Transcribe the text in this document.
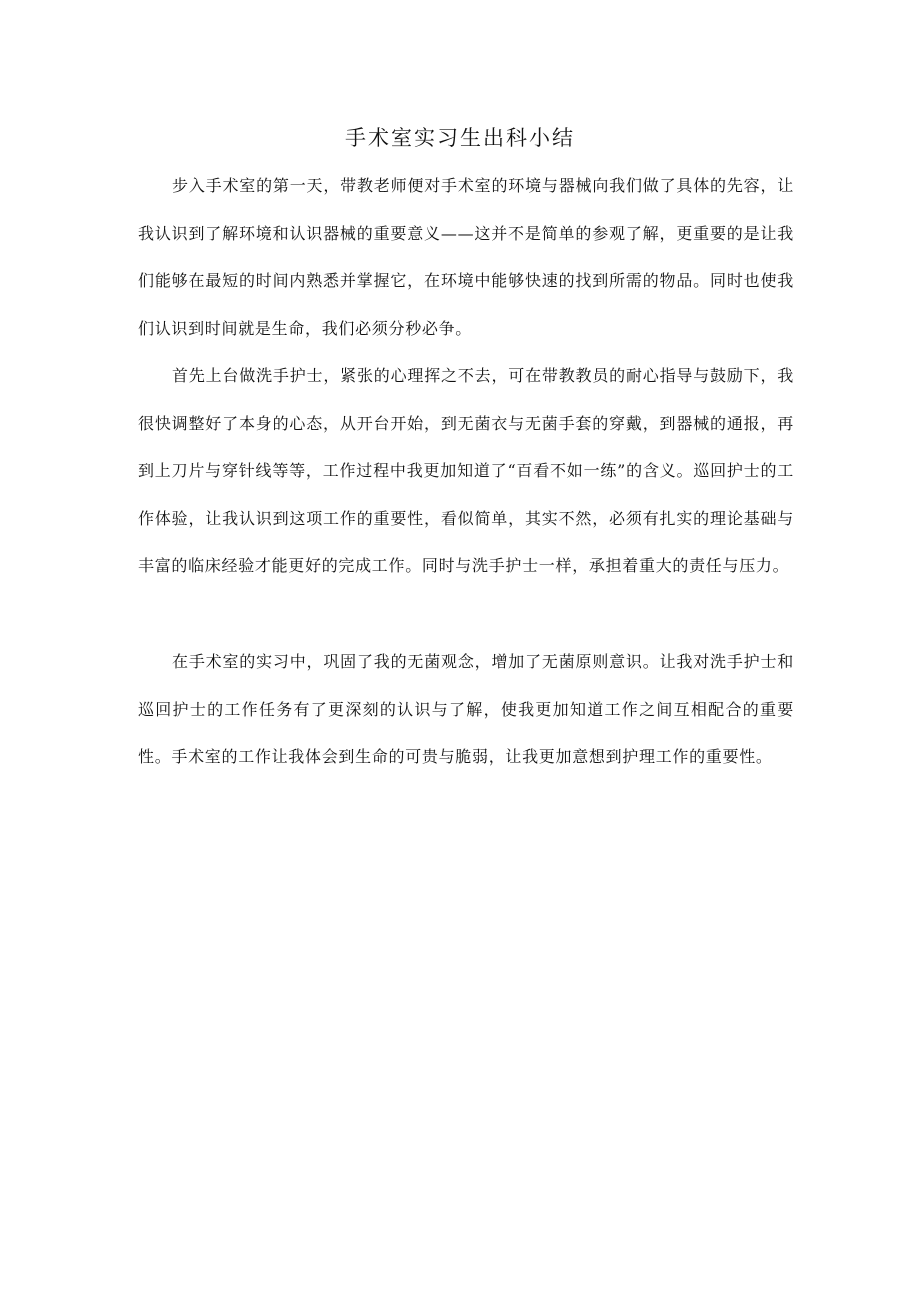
手术室实习生出科小结

步入手术室的第一天，带教老师便对手术室的环境与器械向我们做了具体的先容，让我认识到了解环境和认识器械的重要意义——这并不是简单的参观了解，更重要的是让我们能够在最短的时间内熟悉并掌握它，在环境中能够快速的找到所需的物品。同时也使我们认识到时间就是生命，我们必须分秒必争。

首先上台做洗手护士，紧张的心理挥之不去，可在带教教员的耐心指导与鼓励下，我很快调整好了本身的心态，从开台开始，到无菌衣与无菌手套的穿戴，到器械的通报，再到上刀片与穿针线等等，工作过程中我更加知道了“百看不如一练”的含义。巡回护士的工作体验，让我认识到这项工作的重要性，看似简单，其实不然，必须有扎实的理论基础与丰富的临床经验才能更好的完成工作。同时与洗手护士一样，承担着重大的责任与压力。

在手术室的实习中，巩固了我的无菌观念，增加了无菌原则意识。让我对洗手护士和巡回护士的工作任务有了更深刻的认识与了解，使我更加知道工作之间互相配合的重要性。手术室的工作让我体会到生命的可贵与脆弱，让我更加意想到护理工作的重要性。
